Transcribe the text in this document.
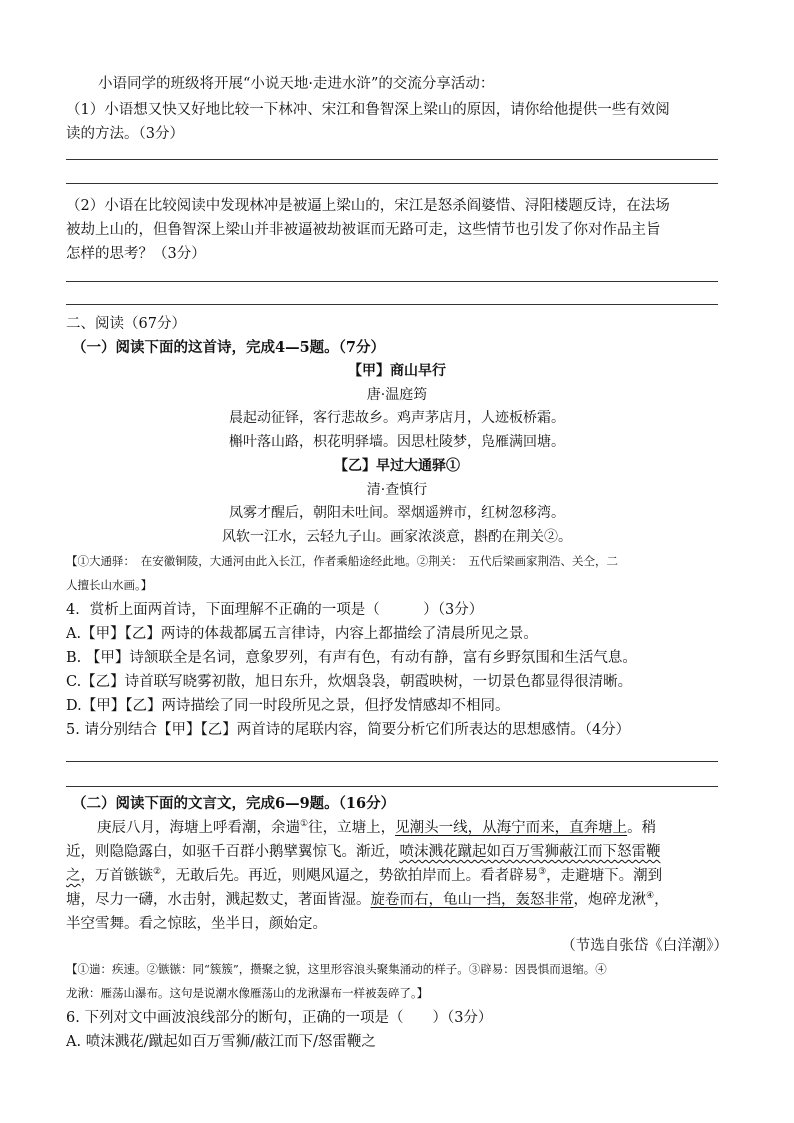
小语同学的班级将开展“小说天地·走进水浒”的交流分享活动：
（1）小语想又快又好地比较一下林冲、宋江和鲁智深上梁山的原因，请你给他提供一些有效阅
读的方法。（3分）
（2）小语在比较阅读中发现林冲是被逼上梁山的，宋江是怒杀阎婆惜、浔阳楼题反诗，在法场
被劫上山的，但鲁智深上梁山并非被逼被劫被诓而无路可走，这些情节也引发了你对作品主旨
怎样的思考？（3分）
二、阅读（67分）
（一）阅读下面的这首诗，完成4—5题。（7分）
【甲】商山早行
唐·温庭筠
晨起动征铎，客行悲故乡。鸡声茅店月，人迹板桥霜。
槲叶落山路，枳花明驿墙。因思杜陵梦，凫雁满回塘。
【乙】早过大通驿①
清·查慎行
凤雾才醒后，朝阳未吐间。翠烟遥辨市，红树忽移湾。
风软一江水，云轻九子山。画家浓淡意，斟酌在荆关②。
【①大通驿：　在安徽铜陵，大通河由此入长江，作者乘船途经此地。②荆关：　五代后梁画家荆浩、关仝，二
人擅长山水画。】
4．赏析上面两首诗，下面理解不正确的一项是（　　　）（3分）
A.【甲】【乙】两诗的体裁都属五言律诗，内容上都描绘了清晨所见之景。
B. 【甲】诗颔联全是名词，意象罗列，有声有色，有动有静，富有乡野氛围和生活气息。
C.【乙】诗首联写晓雾初散，旭日东升，炊烟袅袅，朝霞映树，一切景色都显得很清晰。
D.【甲】【乙】两诗描绘了同一时段所见之景，但抒发情感却不相同。
5. 请分别结合【甲】【乙】两首诗的尾联内容，简要分析它们所表达的思想感情。（4分）
（二）阅读下面的文言文，完成6—9题。（16分）
庚辰八月，海塘上呼看潮，余遄①往，立塘上，见潮头一线，从海宁而来，直奔塘上。稍
近，则隐隐露白，如驱千百群小鹅擘翼惊飞。渐近，喷沫溅花蹴起如百万雪狮蔽江而下怒雷鞭
之，万首镞镞②，无敢后先。再近，则飓风逼之，势欲拍岸而上。看者辟易③，走避塘下。潮到
塘，尽力一礴，水击射，溅起数丈，著面皆湿。旋卷而右，龟山一挡，轰怒非常，炮碎龙湫④，
半空雪舞。看之惊眩，坐半日，颜始定。
（节选自张岱《白洋潮》）
【①遄：疾速。②镞镞：同“簇簇”，攒聚之貌，这里形容浪头聚集涌动的样子。③辟易：因畏惧而退缩。④
龙湫：雁荡山瀑布。这句是说潮水像雁荡山的龙湫瀑布一样被轰碎了。】
6. 下列对文中画波浪线部分的断句，正确的一项是（　　）（3分）
A. 喷沫溅花/蹴起如百万雪狮/蔽江而下/怒雷鞭之
